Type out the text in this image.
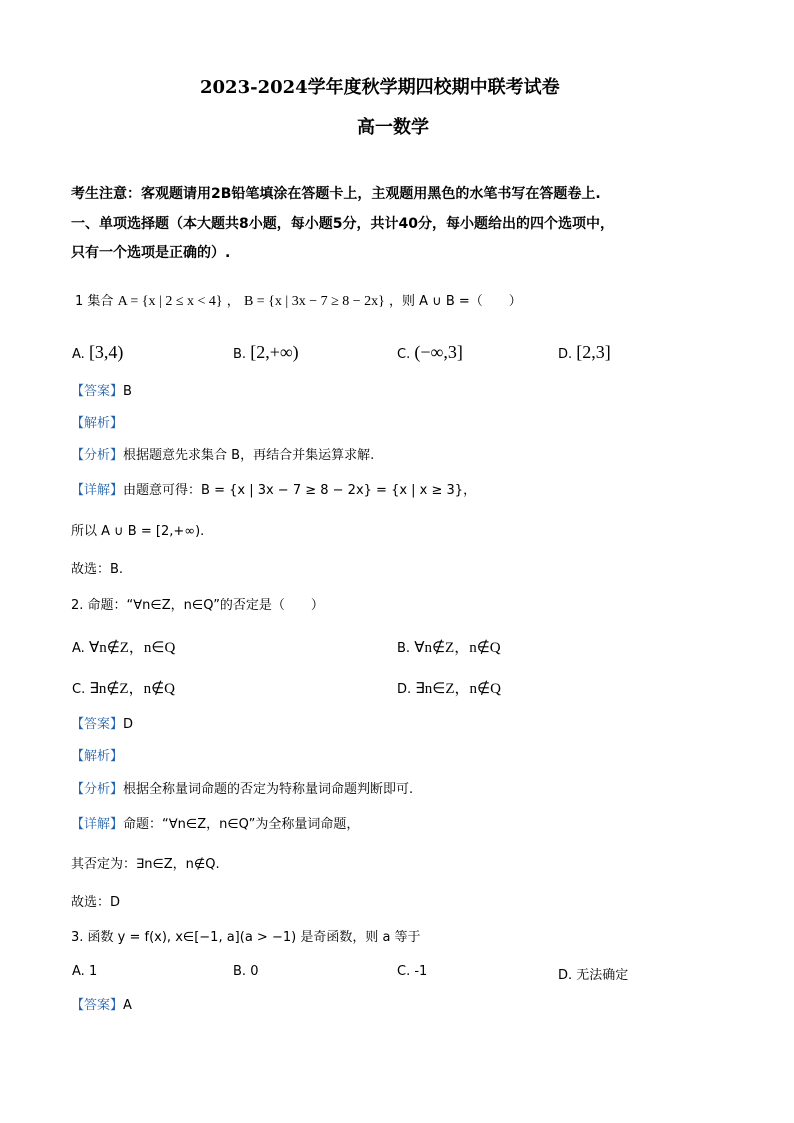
2023-2024学年度秋学期四校期中联考试卷
高一数学
考生注意：客观题请用2B铅笔填涂在答题卡上，主观题用黑色的水笔书写在答题卷上.
一、单项选择题（本大题共8小题，每小题5分，共计40分，每小题给出的四个选项中，
只有一个选项是正确的）.
1 集合 A = {x | 2 ≤ x < 4} ， B = {x | 3x − 7 ≥ 8 − 2x} ，则 A ∪ B =（　　）
A. [3,4)	B. [2,+∞)	C. (−∞,3]	D. [2,3]
【答案】B
【解析】
【分析】根据题意先求集合 B，再结合并集运算求解.
【详解】由题意可得：B = {x | 3x − 7 ≥ 8 − 2x} = {x | x ≥ 3}，
所以 A ∪ B = [2,+∞).
故选：B.
2. 命题：“∀n∈Z，n∈Q”的否定是（　　）
A. ∀n∉Z，n∈Q	B. ∀n∉Z，n∉Q
C. ∃n∉Z，n∉Q	D. ∃n∈Z，n∉Q
【答案】D
【解析】
【分析】根据全称量词命题的否定为特称量词命题判断即可.
【详解】命题：“∀n∈Z，n∈Q”为全称量词命题，
其否定为：∃n∈Z，n∉Q.
故选：D
3. 函数 y = f(x), x∈[−1, a](a > −1) 是奇函数，则 a 等于
A. 1	B. 0	C. -1	D. 无法确定
【答案】A
